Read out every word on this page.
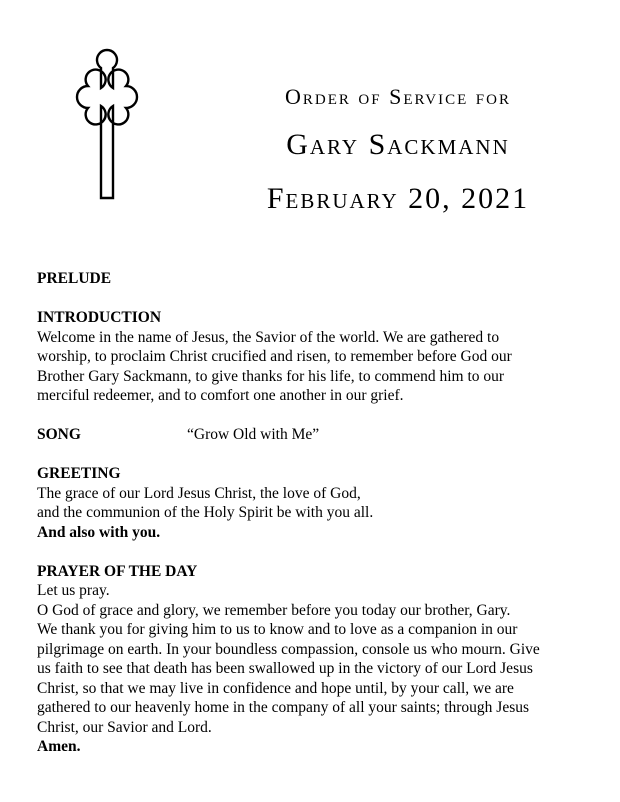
Order of Service for

Gary Sackmann

February 20, 2021

PRELUDE

INTRODUCTION

Welcome in the name of Jesus, the Savior of the world. We are gathered to

worship, to proclaim Christ crucified and risen, to remember before God our

Brother Gary Sackmann, to give thanks for his life, to commend him to our

merciful redeemer, and to comfort one another in our grief.

SONG	“Grow Old with Me”

GREETING

The grace of our Lord Jesus Christ, the love of God,

and the communion of the Holy Spirit be with you all.

And also with you.

PRAYER OF THE DAY

Let us pray.

O God of grace and glory, we remember before you today our brother, Gary.

We thank you for giving him to us to know and to love as a companion in our

pilgrimage on earth. In your boundless compassion, console us who mourn. Give

us faith to see that death has been swallowed up in the victory of our Lord Jesus

Christ, so that we may live in confidence and hope until, by your call, we are

gathered to our heavenly home in the company of all your saints; through Jesus

Christ, our Savior and Lord.

Amen.
